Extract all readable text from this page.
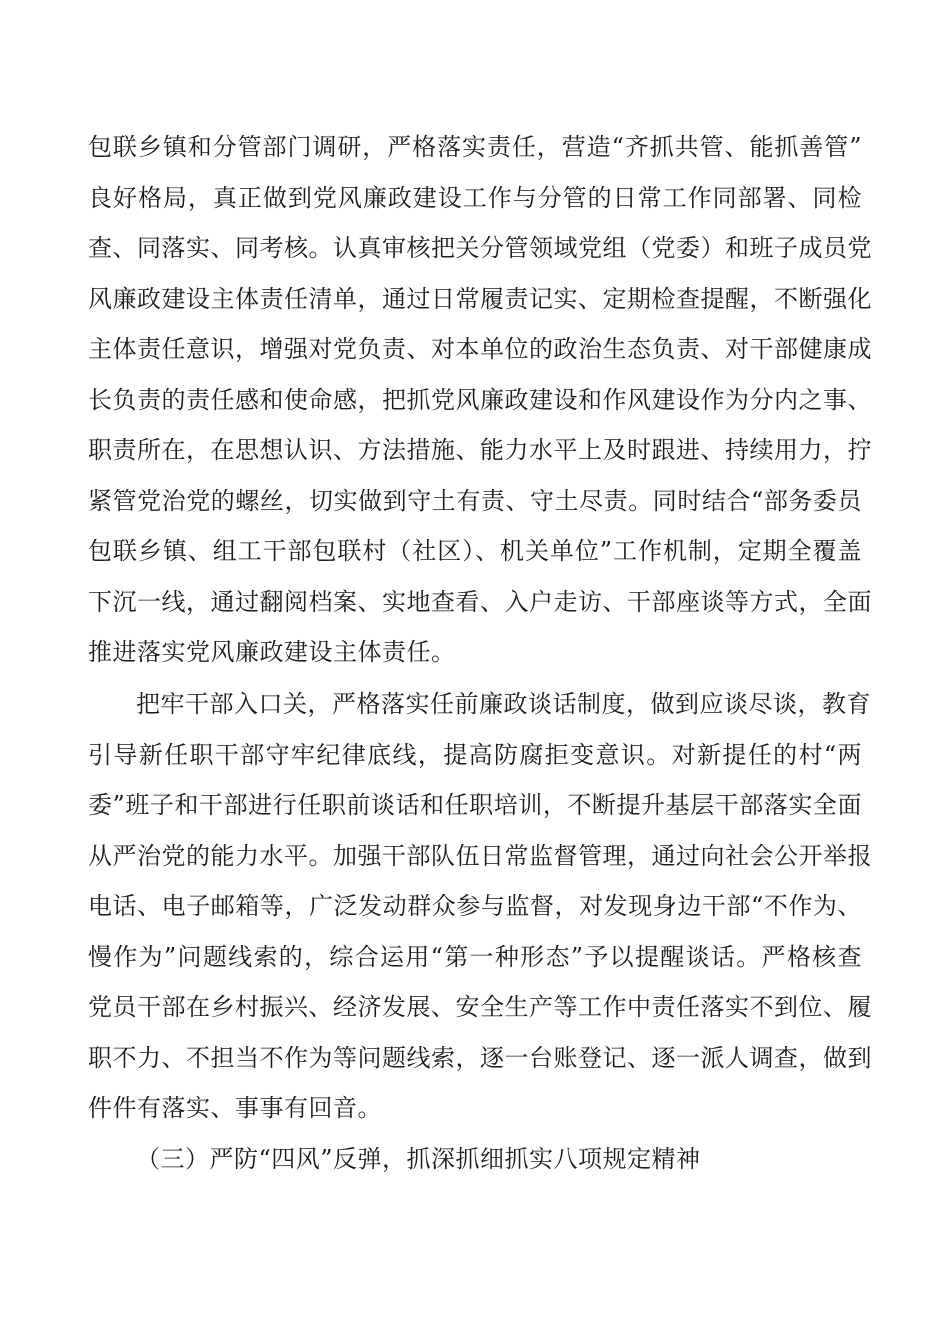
包联乡镇和分管部门调研，严格落实责任，营造“齐抓共管、能抓善管”
良好格局，真正做到党风廉政建设工作与分管的日常工作同部署、同检
查、同落实、同考核。认真审核把关分管领域党组（党委）和班子成员党
风廉政建设主体责任清单，通过日常履责记实、定期检查提醒，不断强化
主体责任意识，增强对党负责、对本单位的政治生态负责、对干部健康成
长负责的责任感和使命感，把抓党风廉政建设和作风建设作为分内之事、
职责所在，在思想认识、方法措施、能力水平上及时跟进、持续用力，拧
紧管党治党的螺丝，切实做到守土有责、守土尽责。同时结合“部务委员
包联乡镇、组工干部包联村（社区）、机关单位”工作机制，定期全覆盖
下沉一线，通过翻阅档案、实地查看、入户走访、干部座谈等方式，全面
推进落实党风廉政建设主体责任。
把牢干部入口关，严格落实任前廉政谈话制度，做到应谈尽谈，教育
引导新任职干部守牢纪律底线，提高防腐拒变意识。对新提任的村“两
委”班子和干部进行任职前谈话和任职培训，不断提升基层干部落实全面
从严治党的能力水平。加强干部队伍日常监督管理，通过向社会公开举报
电话、电子邮箱等，广泛发动群众参与监督，对发现身边干部“不作为、
慢作为”问题线索的，综合运用“第一种形态”予以提醒谈话。严格核查
党员干部在乡村振兴、经济发展、安全生产等工作中责任落实不到位、履
职不力、不担当不作为等问题线索，逐一台账登记、逐一派人调查，做到
件件有落实、事事有回音。
（三）严防“四风”反弹，抓深抓细抓实八项规定精神
